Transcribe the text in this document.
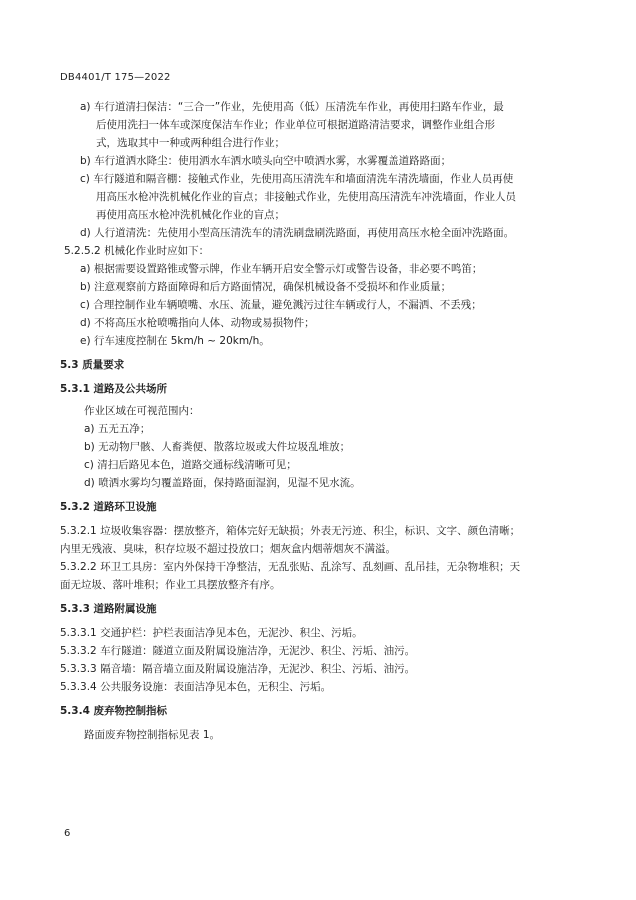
DB4401/T 175—2022
a) 车行道清扫保洁：“三合一”作业，先使用高（低）压清洗车作业，再使用扫路车作业，最
后使用洗扫一体车或深度保洁车作业；作业单位可根据道路清洁要求，调整作业组合形
式，选取其中一种或两种组合进行作业；
b) 车行道洒水降尘：使用洒水车洒水喷头向空中喷洒水雾，水雾覆盖道路路面；
c) 车行隧道和隔音棚：接触式作业，先使用高压清洗车和墙面清洗车清洗墙面，作业人员再使
用高压水枪冲洗机械化作业的盲点；非接触式作业，先使用高压清洗车冲洗墙面，作业人员
再使用高压水枪冲洗机械化作业的盲点；
d) 人行道清洗：先使用小型高压清洗车的清洗刷盘刷洗路面，再使用高压水枪全面冲洗路面。
5.2.5.2 机械化作业时应如下：
a) 根据需要设置路锥或警示牌，作业车辆开启安全警示灯或警告设备，非必要不鸣笛；
b) 注意观察前方路面障碍和后方路面情况，确保机械设备不受损坏和作业质量；
c) 合理控制作业车辆喷嘴、水压、流量，避免溅污过往车辆或行人，不漏洒、不丢残；
d) 不将高压水枪喷嘴指向人体、动物或易损物件；
e) 行车速度控制在 5km/h ~ 20km/h。
5.3 质量要求
5.3.1 道路及公共场所
作业区域在可视范围内：
a) 五无五净；
b) 无动物尸骸、人畜粪便、散落垃圾或大件垃圾乱堆放；
c) 清扫后路见本色，道路交通标线清晰可见；
d) 喷洒水雾均匀覆盖路面，保持路面湿润，见湿不见水流。
5.3.2 道路环卫设施
5.3.2.1 垃圾收集容器：摆放整齐，箱体完好无缺损；外表无污迹、积尘，标识、文字、颜色清晰；
内里无残液、臭味，积存垃圾不超过投放口；烟灰盒内烟蒂烟灰不满溢。
5.3.2.2 环卫工具房：室内外保持干净整洁，无乱张贴、乱涂写、乱刻画、乱吊挂，无杂物堆积；天
面无垃圾、落叶堆积；作业工具摆放整齐有序。
5.3.3 道路附属设施
5.3.3.1 交通护栏：护栏表面洁净见本色，无泥沙、积尘、污垢。
5.3.3.2 车行隧道：隧道立面及附属设施洁净，无泥沙、积尘、污垢、油污。
5.3.3.3 隔音墙：隔音墙立面及附属设施洁净，无泥沙、积尘、污垢、油污。
5.3.3.4 公共服务设施：表面洁净见本色，无积尘、污垢。
5.3.4 废弃物控制指标
路面废弃物控制指标见表 1。
6
